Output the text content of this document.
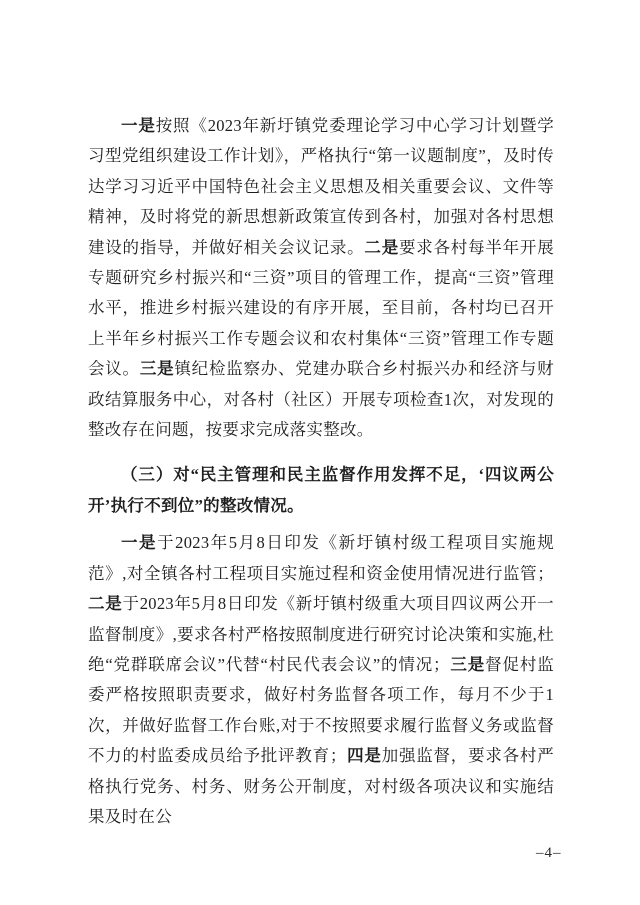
一是按照《2023年新圩镇党委理论学习中心学习计划暨学习型党组织建设工作计划》，严格执行“第一议题制度”，及时传达学习习近平中国特色社会主义思想及相关重要会议、文件等精神，及时将党的新思想新政策宣传到各村，加强对各村思想建设的指导，并做好相关会议记录。二是要求各村每半年开展专题研究乡村振兴和“三资”项目的管理工作，提高“三资”管理水平，推进乡村振兴建设的有序开展，至目前，各村均已召开上半年乡村振兴工作专题会议和农村集体“三资”管理工作专题会议。三是镇纪检监察办、党建办联合乡村振兴办和经济与财政结算服务中心，对各村（社区）开展专项检查1次，对发现的整改存在问题，按要求完成落实整改。

（三）对“民主管理和民主监督作用发挥不足，‘四议两公开’执行不到位”的整改情况。

一是于2023年5月8日印发《新圩镇村级工程项目实施规范》,对全镇各村工程项目实施过程和资金使用情况进行监管；二是于2023年5月8日印发《新圩镇村级重大项目四议两公开一监督制度》,要求各村严格按照制度进行研究讨论决策和实施,杜绝“党群联席会议”代替“村民代表会议”的情况；三是督促村监委严格按照职责要求，做好村务监督各项工作，每月不少于1次，并做好监督工作台账,对于不按照要求履行监督义务或监督不力的村监委成员给予批评教育；四是加强监督，要求各村严格执行党务、村务、财务公开制度，对村级各项决议和实施结果及时在公

–4–
